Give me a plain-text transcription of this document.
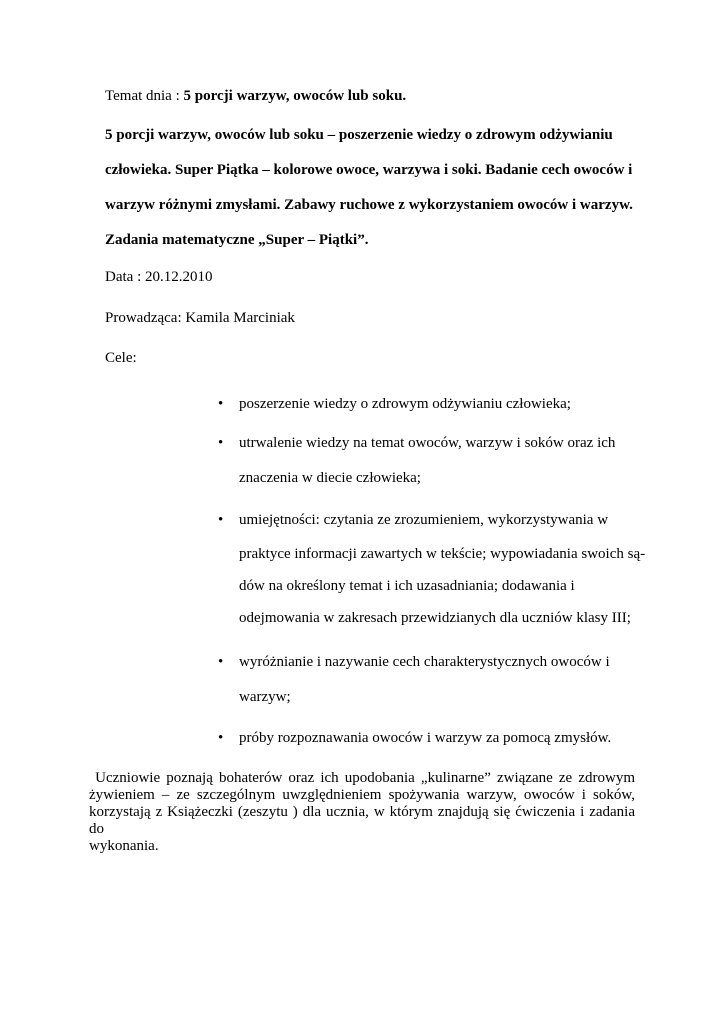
Temat dnia : 5 porcji warzyw, owoców lub soku.
5 porcji warzyw, owoców lub soku – poszerzenie wiedzy o zdrowym odżywianiu
człowieka. Super Piątka – kolorowe owoce, warzywa i soki. Badanie cech owoców i
warzyw różnymi zmysłami. Zabawy ruchowe z wykorzystaniem owoców i warzyw.
Zadania matematyczne „Super – Piątki”.
Data : 20.12.2010
Prowadząca: Kamila Marciniak
Cele:
• poszerzenie wiedzy o zdrowym odżywianiu człowieka;
• utrwalenie wiedzy na temat owoców, warzyw i soków oraz ich
znaczenia w diecie człowieka;
• umiejętności: czytania ze zrozumieniem, wykorzystywania w
praktyce informacji zawartych w tekście; wypowiadania swoich są-
dów na określony temat i ich uzasadniania; dodawania i
odejmowania w zakresach przewidzianych dla uczniów klasy III;
• wyróżnianie i nazywanie cech charakterystycznych owoców i
warzyw;
• próby rozpoznawania owoców i warzyw za pomocą zmysłów.
Uczniowie poznają bohaterów oraz ich upodobania „kulinarne” związane ze zdrowym
żywieniem – ze szczególnym uwzględnieniem spożywania warzyw, owoców i soków,
korzystają z Książeczki (zeszytu ) dla ucznia, w którym znajdują się ćwiczenia i zadania do
wykonania.
